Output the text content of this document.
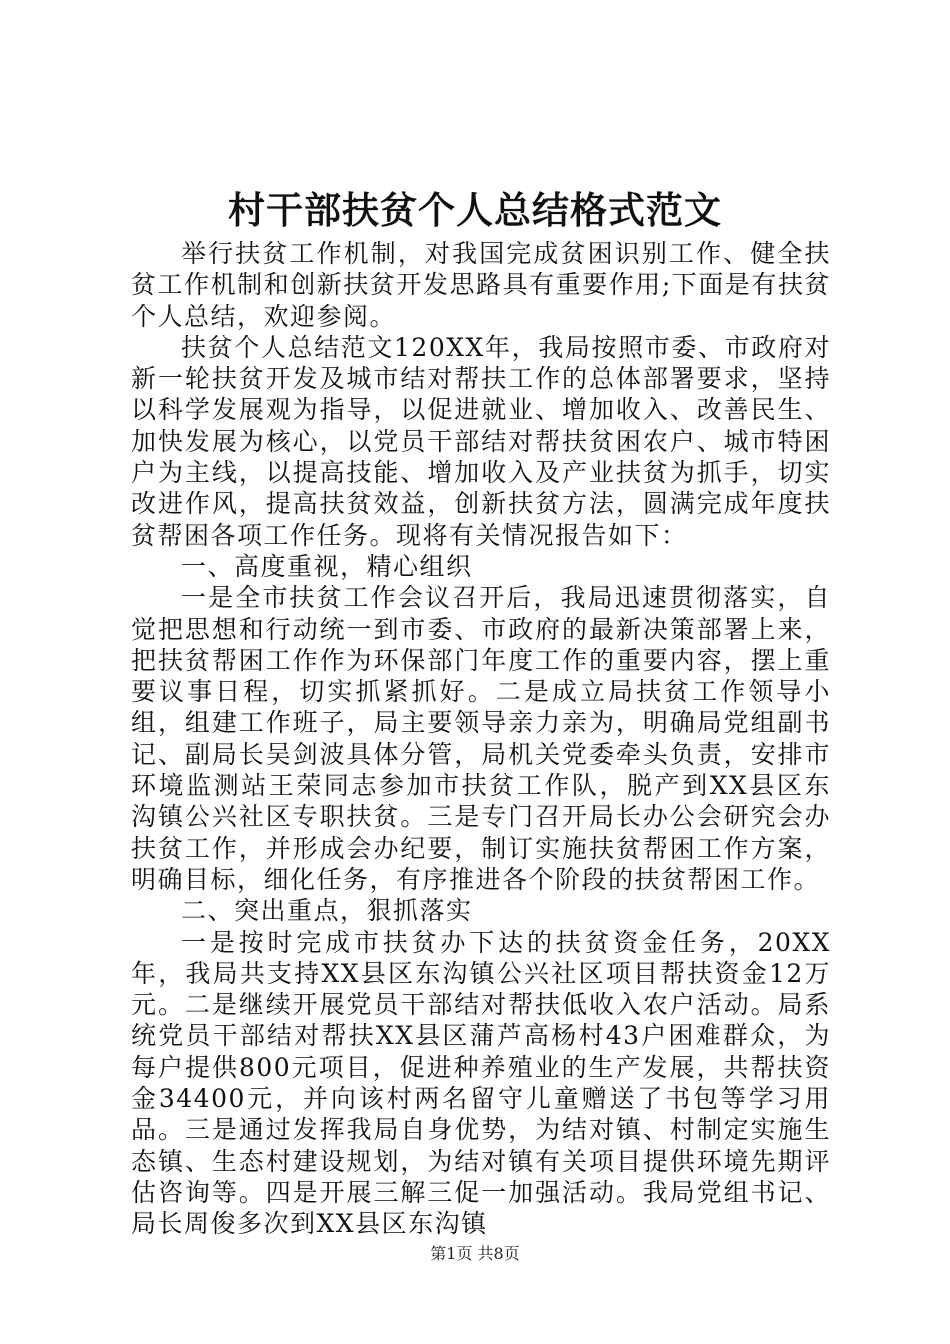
村干部扶贫个人总结格式范文

举行扶贫工作机制，对我国完成贫困识别工作、健全扶贫工作机制和创新扶贫开发思路具有重要作用;下面是有扶贫个人总结，欢迎参阅。

扶贫个人总结范文120XX年，我局按照市委、市政府对新一轮扶贫开发及城市结对帮扶工作的总体部署要求，坚持以科学发展观为指导，以促进就业、增加收入、改善民生、加快发展为核心，以党员干部结对帮扶贫困农户、城市特困户为主线，以提高技能、增加收入及产业扶贫为抓手，切实改进作风，提高扶贫效益，创新扶贫方法，圆满完成年度扶贫帮困各项工作任务。现将有关情况报告如下：

一、高度重视，精心组织

一是全市扶贫工作会议召开后，我局迅速贯彻落实，自觉把思想和行动统一到市委、市政府的最新决策部署上来，把扶贫帮困工作作为环保部门年度工作的重要内容，摆上重要议事日程，切实抓紧抓好。二是成立局扶贫工作领导小组，组建工作班子，局主要领导亲力亲为，明确局党组副书记、副局长吴剑波具体分管，局机关党委牵头负责，安排市环境监测站王荣同志参加市扶贫工作队，脱产到XX县区东沟镇公兴社区专职扶贫。三是专门召开局长办公会研究会办扶贫工作，并形成会办纪要，制订实施扶贫帮困工作方案，明确目标，细化任务，有序推进各个阶段的扶贫帮困工作。

二、突出重点，狠抓落实

一是按时完成市扶贫办下达的扶贫资金任务，20XX年，我局共支持XX县区东沟镇公兴社区项目帮扶资金12万元。二是继续开展党员干部结对帮扶低收入农户活动。局系统党员干部结对帮扶XX县区蒲芦高杨村43户困难群众，为每户提供800元项目，促进种养殖业的生产发展，共帮扶资金34400元，并向该村两名留守儿童赠送了书包等学习用品。三是通过发挥我局自身优势，为结对镇、村制定实施生态镇、生态村建设规划，为结对镇有关项目提供环境先期评估咨询等。四是开展三解三促一加强活动。我局党组书记、局长周俊多次到XX县区东沟镇

第1页 共8页
